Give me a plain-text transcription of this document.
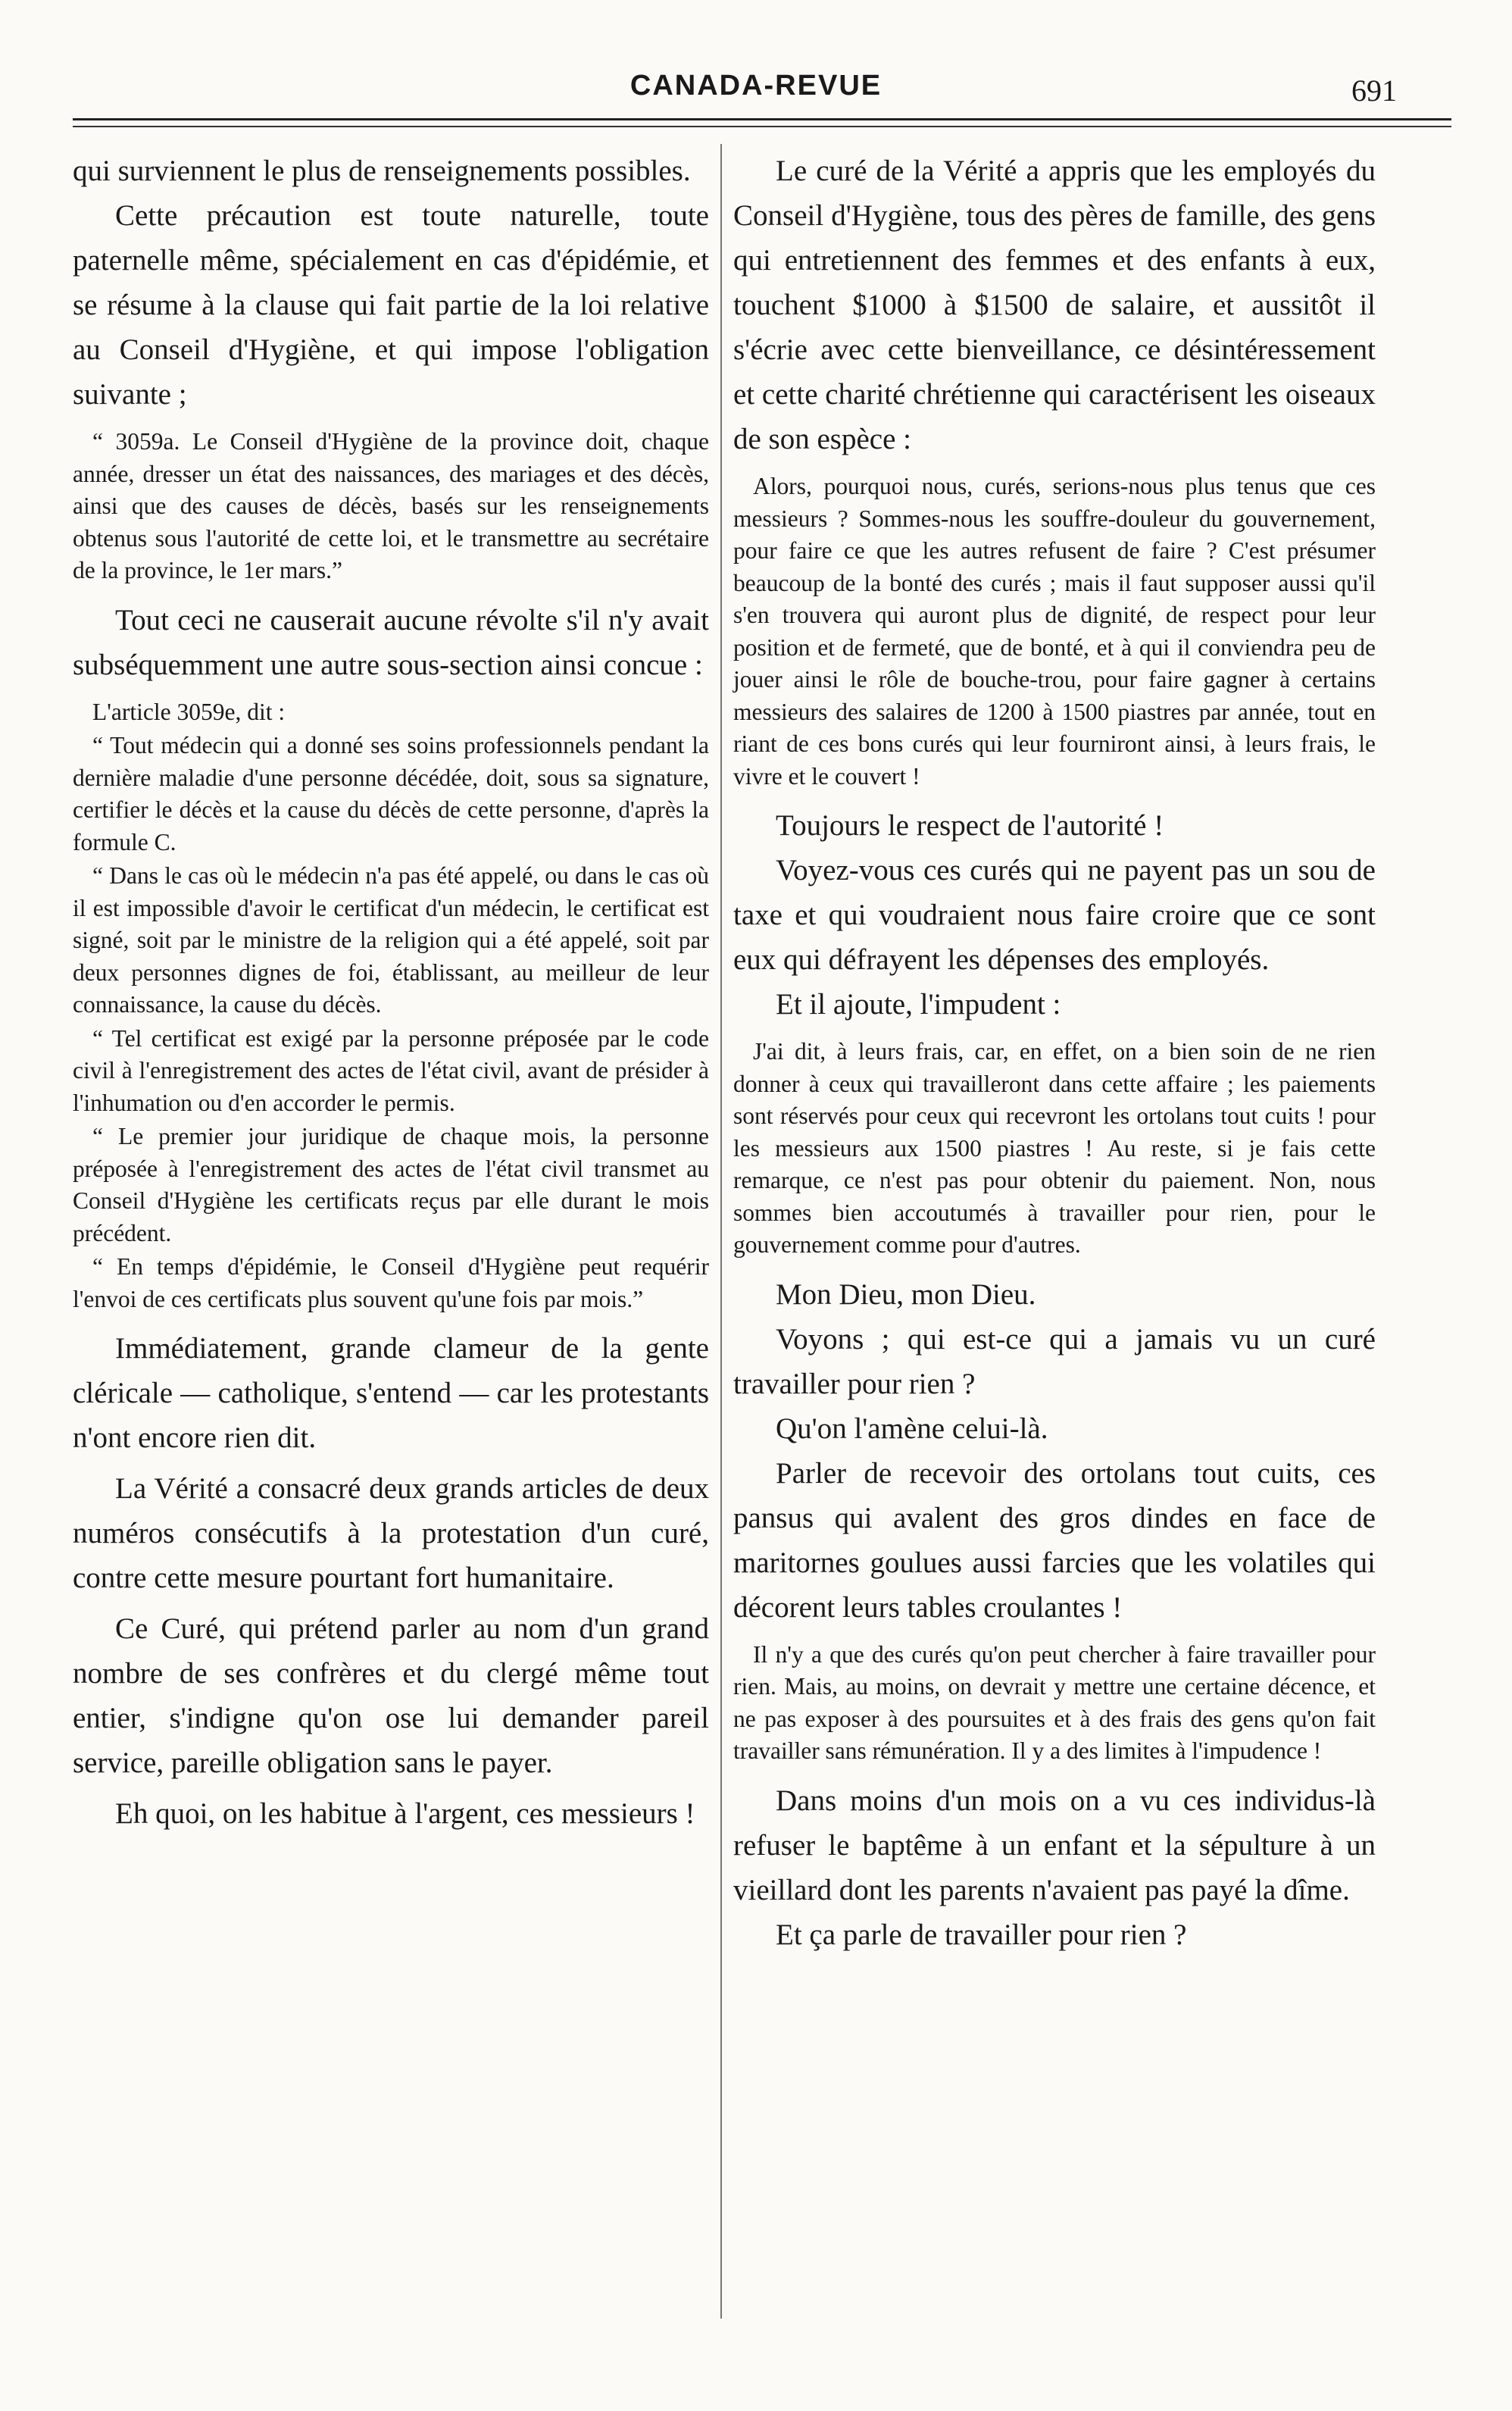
CANADA-REVUE	691

qui surviennent le plus de renseignements possibles.

Cette précaution est toute naturelle, toute paternelle même, spécialement en cas d'épidémie, et se résume à la clause qui fait partie de la loi relative au Conseil d'Hygiène, et qui impose l'obligation suivante ;

“ 3059a. Le Conseil d'Hygiène de la province doit, chaque année, dresser un état des naissances, des mariages et des décès, ainsi que des causes de décès, basés sur les renseignements obtenus sous l'autorité de cette loi, et le transmettre au secrétaire de la province, le 1er mars.”

Tout ceci ne causerait aucune révolte s'il n'y avait subséquemment une autre sous-section ainsi concue :

L'article 3059e, dit :

“ Tout médecin qui a donné ses soins professionnels pendant la dernière maladie d'une personne décédée, doit, sous sa signature, certifier le décès et la cause du décès de cette personne, d'après la formule C.

“ Dans le cas où le médecin n'a pas été appelé, ou dans le cas où il est impossible d'avoir le certificat d'un médecin, le certificat est signé, soit par le ministre de la religion qui a été appelé, soit par deux personnes dignes de foi, établissant, au meilleur de leur connaissance, la cause du décès.

“ Tel certificat est exigé par la personne préposée par le code civil à l'enregistrement des actes de l'état civil, avant de présider à l'inhumation ou d'en accorder le permis.

“ Le premier jour juridique de chaque mois, la personne préposée à l'enregistrement des actes de l'état civil transmet au Conseil d'Hygiène les certificats reçus par elle durant le mois précédent.

“ En temps d'épidémie, le Conseil d'Hygiène peut requérir l'envoi de ces certificats plus souvent qu'une fois par mois.”

Immédiatement, grande clameur de la gente cléricale — catholique, s'entend — car les protestants n'ont encore rien dit.

La Vérité a consacré deux grands articles de deux numéros consécutifs à la protestation d'un curé, contre cette mesure pourtant fort humanitaire.

Ce Curé, qui prétend parler au nom d'un grand nombre de ses confrères et du clergé même tout entier, s'indigne qu'on ose lui demander pareil service, pareille obligation sans le payer.

Eh quoi, on les habitue à l'argent, ces messieurs !

Le curé de la Vérité a appris que les employés du Conseil d'Hygiène, tous des pères de famille, des gens qui entretiennent des femmes et des enfants à eux, touchent $1000 à $1500 de salaire, et aussitôt il s'écrie avec cette bienveillance, ce désintéressement et cette charité chrétienne qui caractérisent les oiseaux de son espèce :

Alors, pourquoi nous, curés, serions-nous plus tenus que ces messieurs ? Sommes-nous les souffre-douleur du gouvernement, pour faire ce que les autres refusent de faire ? C'est présumer beaucoup de la bonté des curés ; mais il faut supposer aussi qu'il s'en trouvera qui auront plus de dignité, de respect pour leur position et de fermeté, que de bonté, et à qui il conviendra peu de jouer ainsi le rôle de bouche-trou, pour faire gagner à certains messieurs des salaires de 1200 à 1500 piastres par année, tout en riant de ces bons curés qui leur fourniront ainsi, à leurs frais, le vivre et le couvert !

Toujours le respect de l'autorité !

Voyez-vous ces curés qui ne payent pas un sou de taxe et qui voudraient nous faire croire que ce sont eux qui défrayent les dépenses des employés.

Et il ajoute, l'impudent :

J'ai dit, à leurs frais, car, en effet, on a bien soin de ne rien donner à ceux qui travailleront dans cette affaire ; les paiements sont réservés pour ceux qui recevront les ortolans tout cuits ! pour les messieurs aux 1500 piastres ! Au reste, si je fais cette remarque, ce n'est pas pour obtenir du paiement. Non, nous sommes bien accoutumés à travailler pour rien, pour le gouvernement comme pour d'autres.

Mon Dieu, mon Dieu.

Voyons ; qui est-ce qui a jamais vu un curé travailler pour rien ?

Qu'on l'amène celui-là.

Parler de recevoir des ortolans tout cuits, ces pansus qui avalent des gros dindes en face de maritornes goulues aussi farcies que les volatiles qui décorent leurs tables croulantes !

Il n'y a que des curés qu'on peut chercher à faire travailler pour rien. Mais, au moins, on devrait y mettre une certaine décence, et ne pas exposer à des poursuites et à des frais des gens qu'on fait travailler sans rémunération. Il y a des limites à l'impudence !

Dans moins d'un mois on a vu ces individus-là refuser le baptême à un enfant et la sépulture à un vieillard dont les parents n'avaient pas payé la dîme.

Et ça parle de travailler pour rien ?
